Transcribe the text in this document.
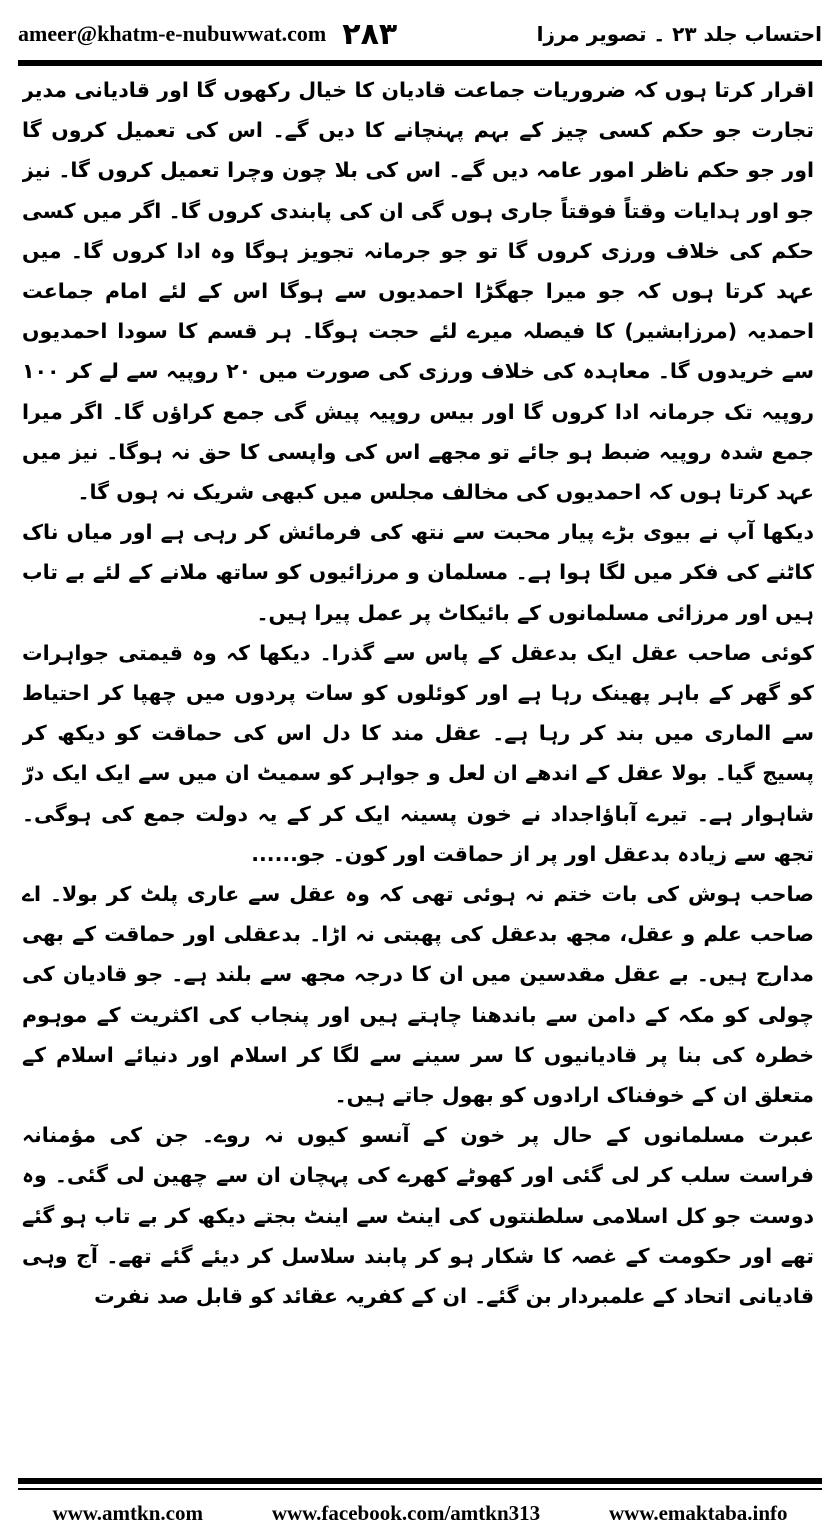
ameer@khatm-e-nubuwwat.com ۲۸۳	احتساب جلد ۲۳ ۔ تصویر مرزا

اقرار کرتا ہوں کہ ضروریات جماعت قادیان کا خیال رکھوں گا اور قادیانی مدیر تجارت جو حکم کسی چیز کے بہم پہنچانے کا دیں گے۔ اس کی تعمیل کروں گا اور جو حکم ناظر امور عامہ دیں گے۔ اس کی بلا چون وچرا تعمیل کروں گا۔ نیز جو اور ہدایات وقتاً فوقتاً جاری ہوں گی ان کی پابندی کروں گا۔ اگر میں کسی حکم کی خلاف ورزی کروں گا تو جو جرمانہ تجویز ہوگا وہ ادا کروں گا۔ میں عہد کرتا ہوں کہ جو میرا جھگڑا احمدیوں سے ہوگا اس کے لئے امام جماعت احمدیہ (مرزابشیر) کا فیصلہ میرے لئے حجت ہوگا۔ ہر قسم کا سودا احمدیوں سے خریدوں گا۔ معاہدہ کی خلاف ورزی کی صورت میں ۲۰ روپیہ سے لے کر ۱۰۰ روپیہ تک جرمانہ ادا کروں گا اور بیس روپیہ پیش گی جمع کراؤں گا۔ اگر میرا جمع شدہ روپیہ ضبط ہو جائے تو مجھے اس کی واپسی کا حق نہ ہوگا۔ نیز میں عہد کرتا ہوں کہ احمدیوں کی مخالف مجلس میں کبھی شریک نہ ہوں گا۔

دیکھا آپ نے بیوی بڑے پیار محبت سے نتھ کی فرمائش کر رہی ہے اور میاں ناک کاٹنے کی فکر میں لگا ہوا ہے۔ مسلمان و مرزائیوں کو ساتھ ملانے کے لئے بے تاب ہیں اور مرزائی مسلمانوں کے بائیکاٹ پر عمل پیرا ہیں۔

کوئی صاحب عقل ایک بدعقل کے پاس سے گذرا۔ دیکھا کہ وہ قیمتی جواہرات کو گھر کے باہر پھینک رہا ہے اور کوئلوں کو سات پردوں میں چھپا کر احتیاط سے الماری میں بند کر رہا ہے۔ عقل مند کا دل اس کی حماقت کو دیکھ کر پسیج گیا۔ بولا عقل کے اندھے ان لعل و جواہر کو سمیٹ ان میں سے ایک ایک درّ شاہوار ہے۔ تیرے آباؤاجداد نے خون پسینہ ایک کر کے یہ دولت جمع کی ہوگی۔ تجھ سے زیادہ بدعقل اور پر از حماقت اور کون۔ جو......

صاحب ہوش کی بات ختم نہ ہوئی تھی کہ وہ عقل سے عاری پلٹ کر بولا۔ اے صاحب علم و عقل، مجھ بدعقل کی پھبتی نہ اڑا۔ بدعقلی اور حماقت کے بھی مدارج ہیں۔ بے عقل مقدسین میں ان کا درجہ مجھ سے بلند ہے۔ جو قادیان کی چولی کو مکہ کے دامن سے باندھنا چاہتے ہیں اور پنجاب کی اکثریت کے موہوم خطرہ کی بنا پر قادیانیوں کا سر سینے سے لگا کر اسلام اور دنیائے اسلام کے متعلق ان کے خوفناک ارادوں کو بھول جاتے ہیں۔

عبرت مسلمانوں کے حال پر خون کے آنسو کیوں نہ روے۔ جن کی مؤمنانہ فراست سلب کر لی گئی اور کھوٹے کھرے کی پہچان ان سے چھین لی گئی۔ وہ دوست جو کل اسلامی سلطنتوں کی اینٹ سے اینٹ بجتے دیکھ کر بے تاب ہو گئے تھے اور حکومت کے غصہ کا شکار ہو کر پابند سلاسل کر دیئے گئے تھے۔ آج وہی قادیانی اتحاد کے علمبردار بن گئے۔ ان کے کفریہ عقائد کو قابل صد نفرت

www.amtkn.com	www.facebook.com/amtkn313	www.emaktaba.info
